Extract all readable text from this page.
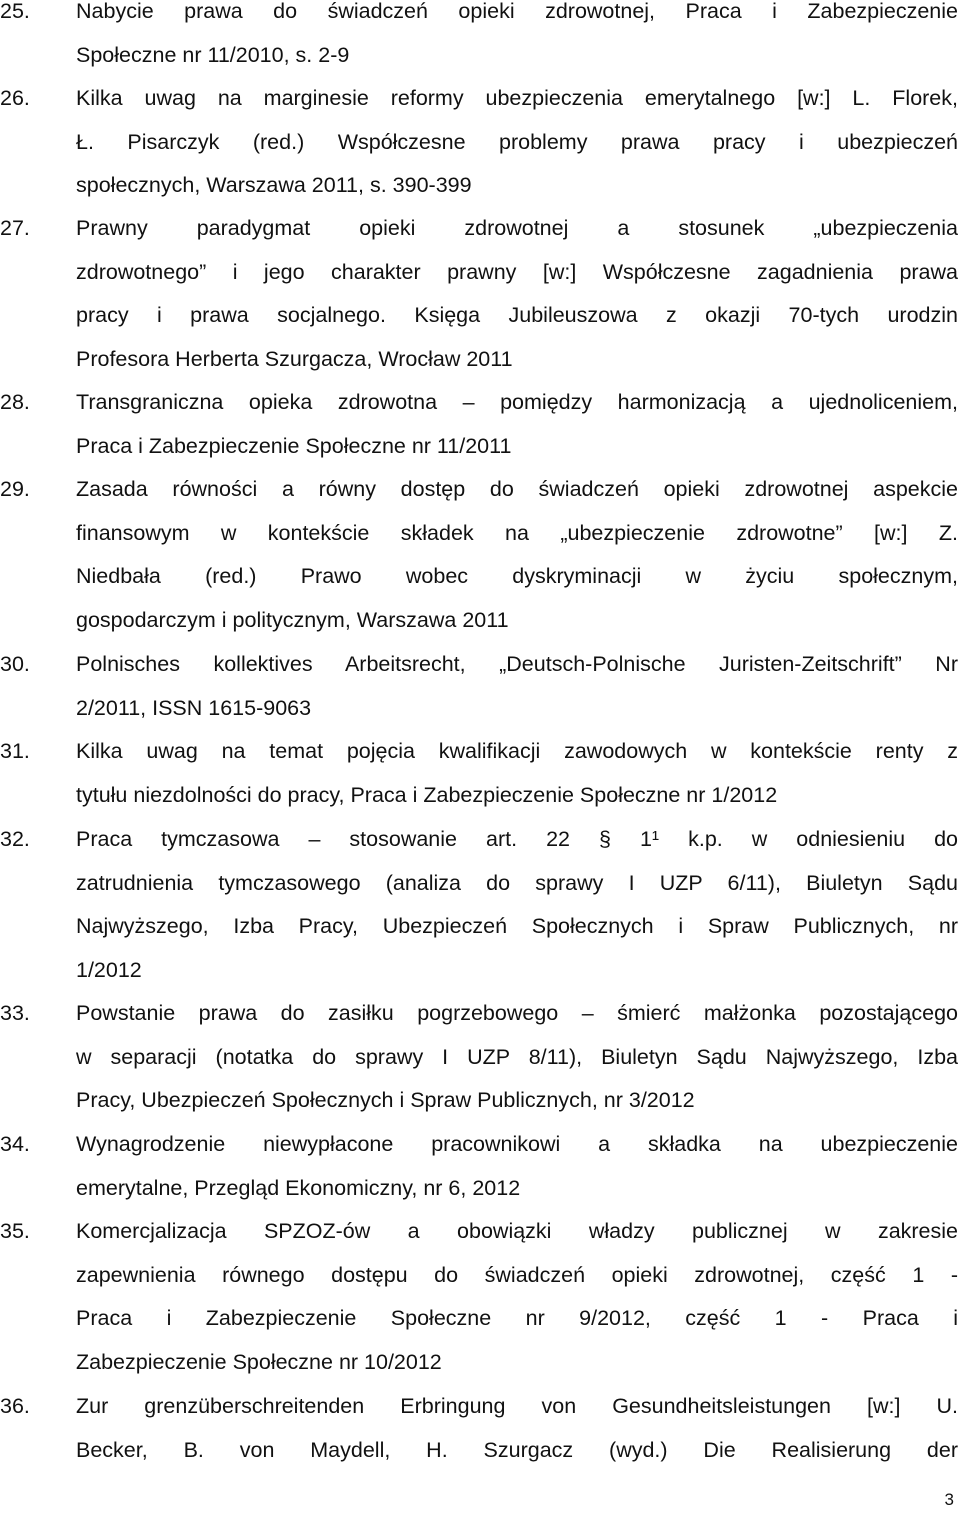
25.	Nabycie prawa do świadczeń opieki zdrowotnej, Praca i Zabezpieczenie
Społeczne nr 11/2010, s. 2-9
26.	Kilka uwag na marginesie reformy ubezpieczenia emerytalnego [w:] L. Florek,
Ł. Pisarczyk (red.) Współczesne problemy prawa pracy i ubezpieczeń
społecznych, Warszawa 2011, s. 390-399
27.	Prawny paradygmat opieki zdrowotnej a stosunek „ubezpieczenia
zdrowotnego” i jego charakter prawny [w:] Współczesne zagadnienia prawa
pracy i prawa socjalnego. Księga Jubileuszowa z okazji 70-tych urodzin
Profesora Herberta Szurgacza, Wrocław 2011
28.	Transgraniczna opieka zdrowotna – pomiędzy harmonizacją a ujednoliceniem,
Praca i Zabezpieczenie Społeczne nr 11/2011
29.	Zasada równości a równy dostęp do świadczeń opieki zdrowotnej aspekcie
finansowym w kontekście składek na „ubezpieczenie zdrowotne” [w:] Z.
Niedbała (red.) Prawo wobec dyskryminacji w życiu społecznym,
gospodarczym i politycznym, Warszawa 2011
30.	Polnisches kollektives Arbeitsrecht, „Deutsch-Polnische Juristen-Zeitschrift” Nr
2/2011, ISSN 1615-9063
31.	Kilka uwag na temat pojęcia kwalifikacji zawodowych w kontekście renty z
tytułu niezdolności do pracy, Praca i Zabezpieczenie Społeczne nr 1/2012
32.	Praca tymczasowa – stosowanie art. 22 § 1¹ k.p. w odniesieniu do
zatrudnienia tymczasowego (analiza do sprawy I UZP 6/11), Biuletyn Sądu
Najwyższego, Izba Pracy, Ubezpieczeń Społecznych i Spraw Publicznych, nr
1/2012
33.	Powstanie prawa do zasiłku pogrzebowego – śmierć małżonka pozostającego
w separacji (notatka do sprawy I UZP 8/11), Biuletyn Sądu Najwyższego, Izba
Pracy, Ubezpieczeń Społecznych i Spraw Publicznych, nr 3/2012
34.	Wynagrodzenie niewypłacone pracownikowi a składka na ubezpieczenie
emerytalne, Przegląd Ekonomiczny, nr 6, 2012
35.	Komercjalizacja SPZOZ-ów a obowiązki władzy publicznej w zakresie
zapewnienia równego dostępu do świadczeń opieki zdrowotnej, część 1 -
Praca i Zabezpieczenie Społeczne nr 9/2012, część 1 - Praca i
Zabezpieczenie Społeczne nr 10/2012
36.	Zur grenzüberschreitenden Erbringung von Gesundheitsleistungen [w:] U.
Becker, B. von Maydell, H. Szurgacz (wyd.) Die Realisierung der
3
